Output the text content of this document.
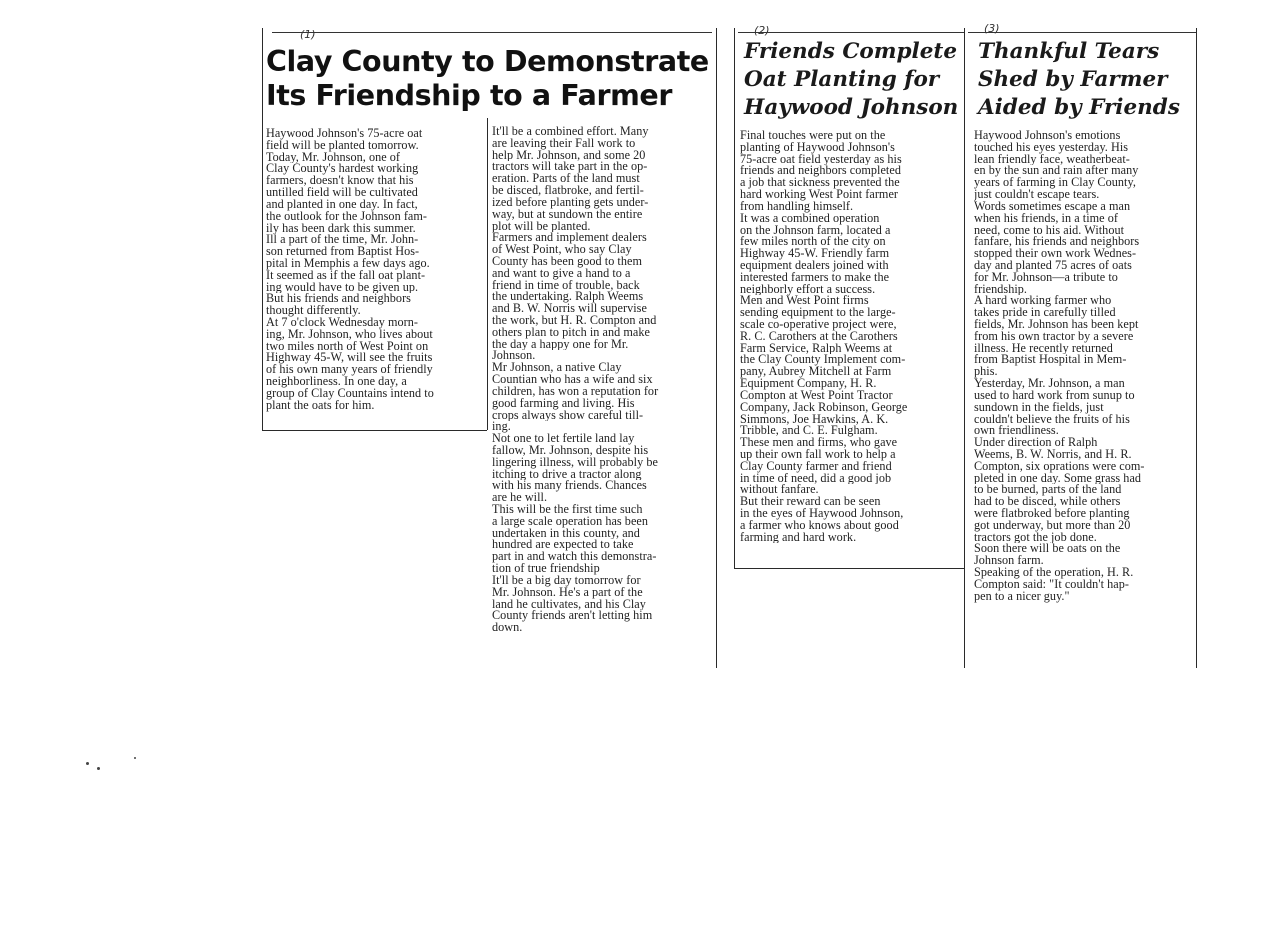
(1)
Clay County to Demonstrate
Its Friendship to a Farmer

Haywood Johnson's 75-acre oat

field will be planted tomorrow.

Today, Mr. Johnson, one of

Clay County's hardest working

farmers, doesn't know that his

untilled field will be cultivated

and planted in one day. In fact,

the outlook for the Johnson fam-

ily has been dark this summer.

Ill a part of the time, Mr. John-

son returned from Baptist Hos-

pital in Memphis a few days ago.

It seemed as if the fall oat plant-

ing would have to be given up.

But his friends and neighbors

thought differently.

At 7 o'clock Wednesday morn-

ing, Mr. Johnson, who lives about

two miles north of West Point on

Highway 45-W, will see the fruits

of his own many years of friendly

neighborliness. In one day, a

group of Clay Countains intend to

plant the oats for him.

It'll be a combined effort. Many

are leaving their Fall work to

help Mr. Johnson, and some 20

tractors will take part in the op-

eration. Parts of the land must

be disced, flatbroke, and fertil-

ized before planting gets under-

way, but at sundown the entire

plot will be planted.

Farmers and implement dealers

of West Point, who say Clay

County has been good to them

and want to give a hand to a

friend in time of trouble, back

the undertaking. Ralph Weems

and B. W. Norris will supervise

the work, but H. R. Compton and

others plan to pitch in and make

the day a happy one for Mr.

Johnson.

Mr Johnson, a native Clay

Countian who has a wife and six

children, has won a reputation for

good farming and living. His

crops always show careful till-

ing.

Not one to let fertile land lay

fallow, Mr. Johnson, despite his

lingering illness, will probably be

itching to drive a tractor along

with his many friends. Chances

are he will.

This will be the first time such

a large scale operation has been

undertaken in this county, and

hundred are expected to take

part in and watch this demonstra-

tion of true friendship

It'll be a big day tomorrow for

Mr. Johnson. He's a part of the

land he cultivates, and his Clay

County friends aren't letting him

down.

(2)
Friends Complete
Oat Planting for
Haywood Johnson

Final touches were put on the

planting of Haywood Johnson's

75-acre oat field yesterday as his

friends and neighbors completed

a job that sickness prevented the

hard working West Point farmer

from handling himself.

It was a combined operation

on the Johnson farm, located a

few miles north of the city on

Highway 45-W. Friendly farm

equipment dealers joined with

interested farmers to make the

neighborly effort a success.

Men and West Point firms

sending equipment to the large-

scale co-operative project were,

R. C. Carothers at the Carothers

Farm Service, Ralph Weems at

the Clay County Implement com-

pany, Aubrey Mitchell at Farm

Equipment Company, H. R.

Compton at West Point Tractor

Company, Jack Robinson, George

Simmons, Joe Hawkins, A. K.

Tribble, and C. E. Fulgham.

These men and firms, who gave

up their own fall work to help a

Clay County farmer and friend

in time of need, did a good job

without fanfare.

But their reward can be seen

in the eyes of Haywood Johnson,

a farmer who knows about good

farming and hard work.

(3)
Thankful Tears
Shed by Farmer
Aided by Friends

Haywood Johnson's emotions

touched his eyes yesterday. His

lean friendly face, weatherbeat-

en by the sun and rain after many

years of farming in Clay County,

just couldn't escape tears.

Words sometimes escape a man

when his friends, in a time of

need, come to his aid. Without

fanfare, his friends and neighbors

stopped their own work Wednes-

day and planted 75 acres of oats

for Mr. Johnson—a tribute to

friendship.

A hard working farmer who

takes pride in carefully tilled

fields, Mr. Johnson has been kept

from his own tractor by a severe

illness. He recently returned

from Baptist Hospital in Mem-

phis.

Yesterday, Mr. Johnson, a man

used to hard work from sunup to

sundown in the fields, just

couldn't believe the fruits of his

own friendliness.

Under direction of Ralph

Weems, B. W. Norris, and H. R.

Compton, six oprations were com-

pleted in one day. Some grass had

to be burned, parts of the land

had to be disced, while others

were flatbroked before planting

got underway, but more than 20

tractors got the job done.

Soon there will be oats on the

Johnson farm.

Speaking of the operation, H. R.

Compton said: "It couldn't hap-

pen to a nicer guy."
